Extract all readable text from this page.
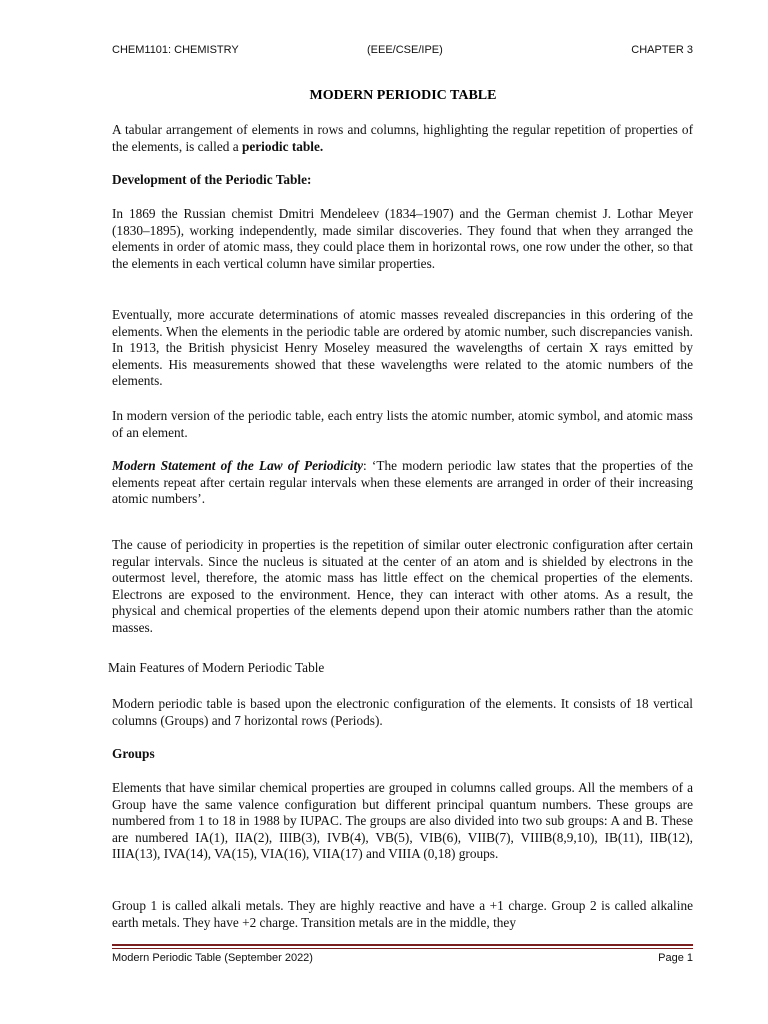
CHEM1101: CHEMISTRY	(EEE/CSE/IPE)	CHAPTER 3
MODERN PERIODIC TABLE

A tabular arrangement of elements in rows and columns, highlighting the regular repetition of properties of the elements, is called a periodic table.

Development of the Periodic Table:

In 1869 the Russian chemist Dmitri Mendeleev (1834–1907) and the German chemist J. Lothar Meyer (1830–1895), working independently, made similar discoveries. They found that when they arranged the elements in order of atomic mass, they could place them in horizontal rows, one row under the other, so that the elements in each vertical column have similar properties.

Eventually, more accurate determinations of atomic masses revealed discrepancies in this ordering of the elements. When the elements in the periodic table are ordered by atomic number, such discrepancies vanish. In 1913, the British physicist Henry Moseley measured the wavelengths of certain X rays emitted by elements. His measurements showed that these wavelengths were related to the atomic numbers of the elements.

In modern version of the periodic table, each entry lists the atomic number, atomic symbol, and atomic mass of an element.

Modern Statement of the Law of Periodicity: ‘The modern periodic law states that the properties of the elements repeat after certain regular intervals when these elements are arranged in order of their increasing atomic numbers’.

The cause of periodicity in properties is the repetition of similar outer electronic configuration after certain regular intervals. Since the nucleus is situated at the center of an atom and is shielded by electrons in the outermost level, therefore, the atomic mass has little effect on the chemical properties of the elements. Electrons are exposed to the environment. Hence, they can interact with other atoms. As a result, the physical and chemical properties of the elements depend upon their atomic numbers rather than the atomic masses.

Main Features of Modern Periodic Table

Modern periodic table is based upon the electronic configuration of the elements. It consists of 18 vertical columns (Groups) and 7 horizontal rows (Periods).

Groups

Elements that have similar chemical properties are grouped in columns called groups. All the members of a Group have the same valence configuration but different principal quantum numbers. These groups are numbered from 1 to 18 in 1988 by IUPAC. The groups are also divided into two sub groups: A and B. These are numbered IA(1), IIA(2), IIIB(3), IVB(4), VB(5), VIB(6), VIIB(7), VIIIB(8,9,10), IB(11), IIB(12), IIIA(13), IVA(14), VA(15), VIA(16), VIIA(17) and VIIIA (0,18) groups.

Group 1 is called alkali metals. They are highly reactive and have a +1 charge. Group 2 is called alkaline earth metals. They have +2 charge. Transition metals are in the middle, they

Modern Periodic Table (September 2022)	Page 1
